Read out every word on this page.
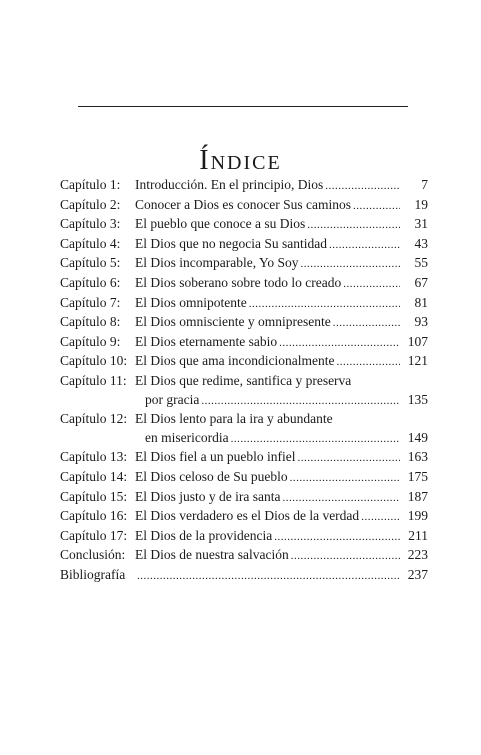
Índice
Capítulo 1:	Introducción. En el principio, Dios .....	7
Capítulo 2:	Conocer a Dios es conocer Sus caminos .....	19
Capítulo 3:	El pueblo que conoce a su Dios .....	31
Capítulo 4:	El Dios que no negocia Su santidad .....	43
Capítulo 5:	El Dios incomparable, Yo Soy .....	55
Capítulo 6:	El Dios soberano sobre todo lo creado .....	67
Capítulo 7:	El Dios omnipotente .....	81
Capítulo 8:	El Dios omnisciente y omnipresente .....	93
Capítulo 9:	El Dios eternamente sabio .....	107
Capítulo 10: El Dios que ama incondicionalmente .....	121
Capítulo 11: El Dios que redime, santifica y preserva
por gracia .....	135
Capítulo 12: El Dios lento para la ira y abundante
en misericordia .....	149
Capítulo 13: El Dios fiel a un pueblo infiel .....	163
Capítulo 14: El Dios celoso de Su pueblo .....	175
Capítulo 15: El Dios justo y de ira santa .....	187
Capítulo 16: El Dios verdadero es el Dios de la verdad .....	199
Capítulo 17: El Dios de la providencia .....	211
Conclusión: El Dios de nuestra salvación .....	223
Bibliografía .....	237
